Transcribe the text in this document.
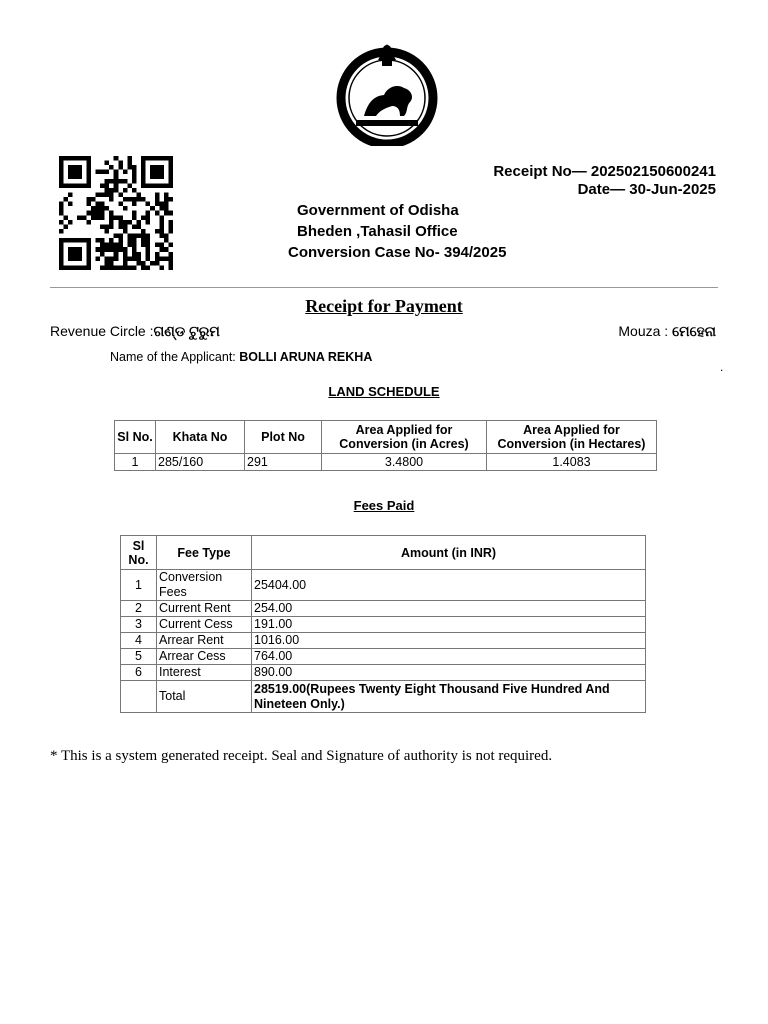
Receipt No— 202502150600241
Date— 30-Jun-2025
Government of Odisha
Bheden ,Tahasil Office
Conversion Case No- 394/2025
Receipt for Payment
Revenue Circle :ଗଣ୍ଡ ଟୁରୁମ	Mouza : ମେହେନା
Name of the Applicant: BOLLI ARUNA REKHA
.
LAND SCHEDULE
Sl No.	Khata No	Plot No	Area Applied for Conversion (in Acres)	Area Applied for Conversion (in Hectares)
1	285/160	291	3.4800	1.4083
Fees Paid
Sl No.	Fee Type	Amount (in INR)
1	Conversion Fees	25404.00
2	Current Rent	254.00
3	Current Cess	191.00
4	Arrear Rent	1016.00
5	Arrear Cess	764.00
6	Interest	890.00
	Total	28519.00(Rupees Twenty Eight Thousand Five Hundred And Nineteen Only.)
* This is a system generated receipt. Seal and Signature of authority is not required.
